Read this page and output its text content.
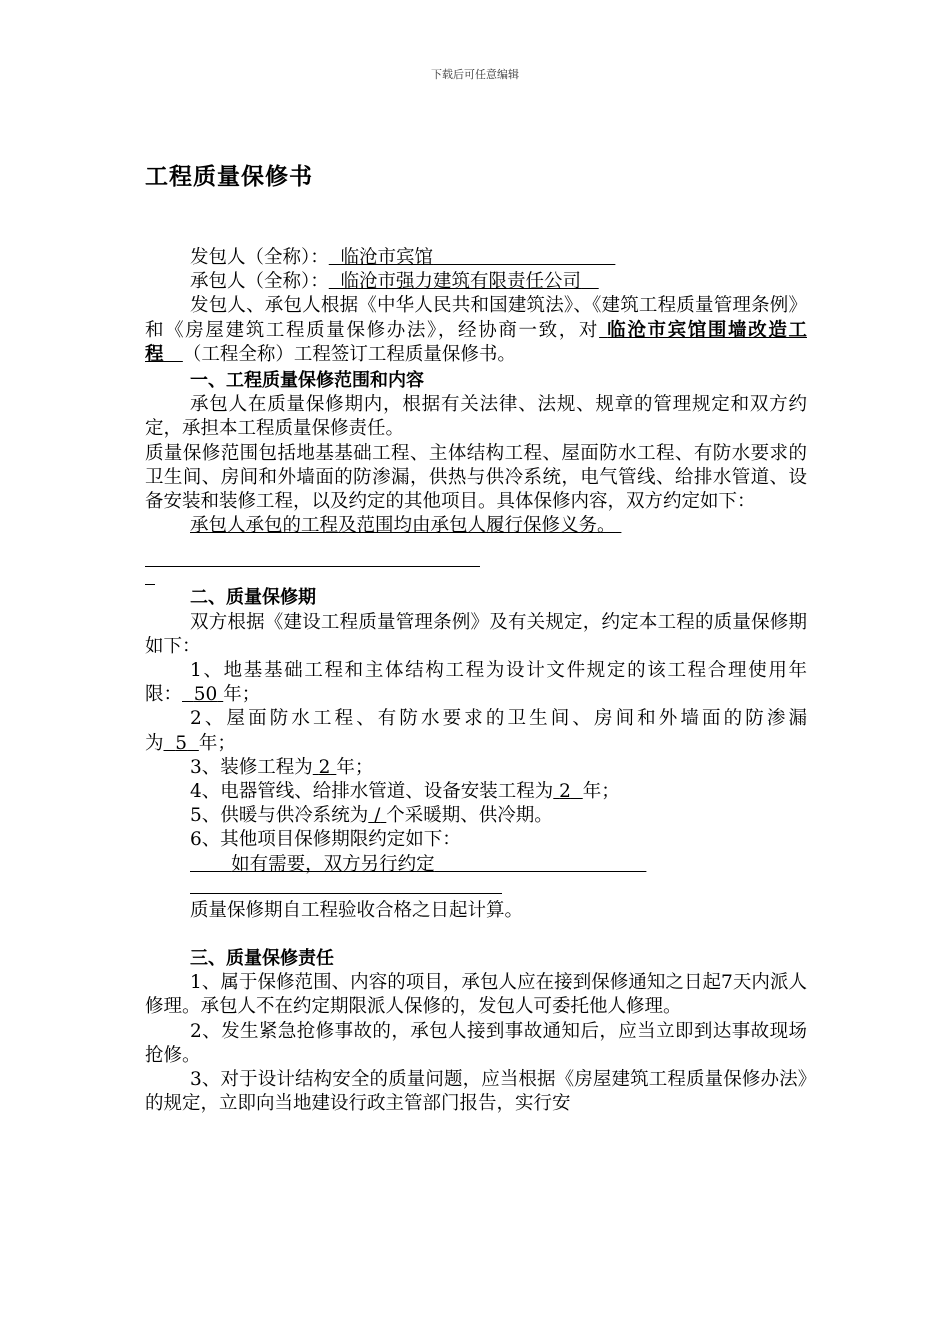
下载后可任意编辑
工程质量保修书
发包人（全称）： 临沧市宾馆
承包人（全称）： 临沧市强力建筑有限责任公司
发包人、承包人根据《中华人民共和国建筑法》、《建筑工程质量管理条例》和《房屋建筑工程质量保修办法》，经协商一致，对 临沧市宾馆围墙改造工程 （工程全称）工程签订工程质量保修书。
一、工程质量保修范围和内容
承包人在质量保修期内，根据有关法律、法规、规章的管理规定和双方约定，承担本工程质量保修责任。
质量保修范围包括地基基础工程、主体结构工程、屋面防水工程、有防水要求的卫生间、房间和外墙面的防渗漏，供热与供冷系统，电气管线、给排水管道、设备安装和装修工程，以及约定的其他项目。具体保修内容，双方约定如下：
承包人承包的工程及范围均由承包人履行保修义务。
二、质量保修期
双方根据《建设工程质量管理条例》及有关规定，约定本工程的质量保修期如下：
1、地基基础工程和主体结构工程为设计文件规定的该工程合理使用年限： 50 年；
2、屋面防水工程、有防水要求的卫生间、房间和外墙面的防渗漏为 5 年；
3、装修工程为 2 年；
4、电器管线、给排水管道、设备安装工程为 2 年；
5、供暖与供冷系统为 / 个采暖期、供冷期。
6、其他项目保修期限约定如下：
如有需要，双方另行约定
质量保修期自工程验收合格之日起计算。
三、质量保修责任
1、属于保修范围、内容的项目，承包人应在接到保修通知之日起7天内派人修理。承包人不在约定期限派人保修的，发包人可委托他人修理。
2、发生紧急抢修事故的，承包人接到事故通知后，应当立即到达事故现场抢修。
3、对于设计结构安全的质量问题，应当根据《房屋建筑工程质量保修办法》的规定，立即向当地建设行政主管部门报告，实行安
